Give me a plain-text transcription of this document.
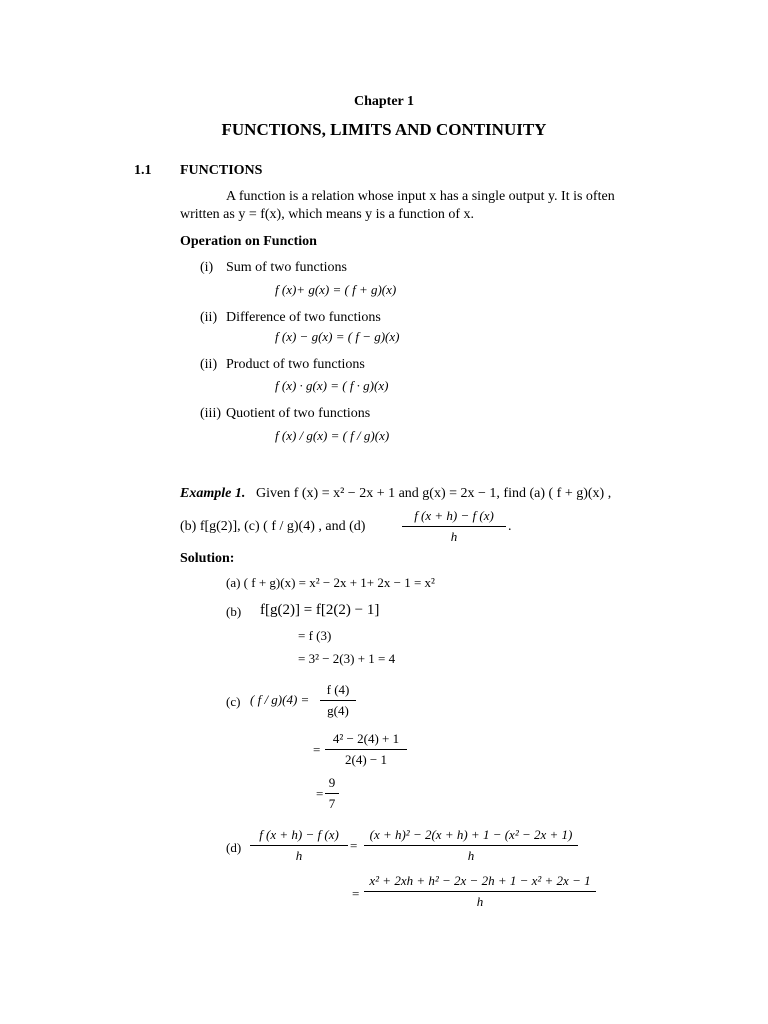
Chapter 1
FUNCTIONS, LIMITS AND CONTINUITY
1.1 FUNCTIONS
A function is a relation whose input x has a single output y. It is often
written as y = f(x), which means y is a function of x.
Operation on Function
(i) Sum of two functions
f (x)+ g(x) = ( f + g)(x)
(ii) Difference of two functions
f (x) − g(x) = ( f − g)(x)
(ii) Product of two functions
f (x) · g(x) = ( f · g)(x)
(iii) Quotient of two functions
f (x) / g(x) = ( f / g)(x)
Example 1. Given f (x) = x² − 2x + 1 and g(x) = 2x − 1, find (a) ( f + g)(x) ,
(b) f[g(2)], (c) ( f / g)(4) , and (d)
f (x + h) − f (x)
h
.
Solution:
(a) ( f + g)(x) = x² − 2x + 1+ 2x − 1 = x²
(b) f[g(2)] = f[2(2) − 1]
= f (3)
= 3² − 2(3) + 1 = 4
(c) ( f / g)(4) =
f (4)
g(4)
=
4² − 2(4) + 1
2(4) − 1
=
9
7
(d)
f (x + h) − f (x)
h
=
(x + h)² − 2(x + h) + 1 − (x² − 2x + 1)
h
=
x² + 2xh + h² − 2x − 2h + 1 − x² + 2x − 1
h
